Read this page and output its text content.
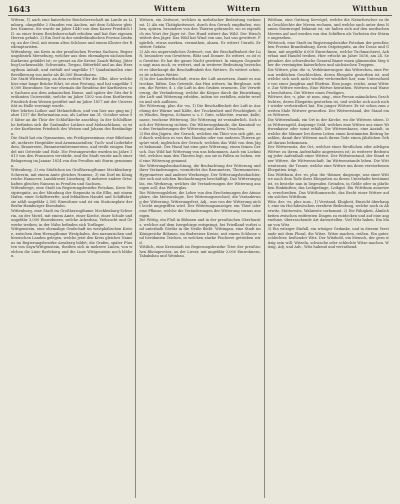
1643	Wittem	Wittern	Witthun

Wittem, 1) auch eine kaiserliche Reichsherrschaft im Lande zu Limburg, ohngefähr 2 Stunden von Aachen, mit dem Schlosse gleiches Namens. Sie wurde im Jahre 1440 von dem Kaiser Friedrich III. zu einer freien Reichsherrschaft erhoben und hat ihre eigenen Herren gehabt. 2) Ein Dorf in der niederländischen Provinz Limburg, an der Geul, mit einem alten Schlosse und einem Kloster der Redemptoristen.

Wittenberg, ein Kreis in der preußischen Provinz Sachsen, Regierungsbezirk Merseburg, welcher aus dem ehemaligen sächsischen Kurkreise gebildet ist; er grenzt an die Kreise Zauch-Belzig, Jüterbog-Luckenwalde, Schweinitz, Torgau, Bitterfeld und an das Herzogthum Anhalt, und enthält auf ungefähr 17 Quadratmeilen eine Bevölkerung von mehr als 40,000 Einwohnern.

Die Stadt Wittenberg, an dem rechten Ufer der Elbe, über welche hier eine lange Brücke führt, ist eine Festung, und hat ungefähr 10,000 Einwohner. Sie war ehemals die Residenz der Kurfürsten von Sachsen aus dem askanischen Hause, und später der Sitz der berühmten Universität, welche im Jahre 1502 von dem Kurfürsten Friedrich dem Weisen gestiftet und im Jahre 1817 mit der Universität zu Halle vereinigt wurde.

Hier lehrten Luther und Melanchthon, und von hier aus ging im Jahre 1517 die Reformation aus, als Luther am 31. October seine 95 Sätze an die Thür der Schloßkirche anschlug. In der Schloßkirche befinden sich die Grabmäler Luthers und Melanchthons, so wie der Kurfürsten Friedrich des Weisen und Johann des Beständigen.

Die Stadt hat ein Gymnasium, ein Predigerseminar, eine Bibelanstalt, mehrere Hospitäler und Armenanstalten; Tuch- und Lederfabriken, Brauereien, Branntweinbrennereien, und treibt einigen Handel mit Getreide und Holz. Die Festungswerke wurden im Jahre 1813 von den Franzosen verstärkt, und die Stadt wurde nach einer Belagerung im Januar 1814 von den Preußen mit Sturm genommen.

Wittenberg, 2) ein Städtchen im Großherzogthume Mecklenburg-Schwerin, mit einem Amte gleiches Namens; 3) ein Dorf im Königreiche Hannover, Landdrostei Lüneburg; 4) mehrere andere Ortschaften gleiches Namens in Preußen und Sachsen.

Wittenberge, eine Stadt im Regierungsbezirke Potsdam, Kreis Westpriegnitz, an der Mündung der Stepenitz in die Elbe, mit einem Hafen, einer Schiffswerfte, und lebhaftem Handel und Schiffahrt; sie zählt ungefähr 2,500 Einwohner und ist ein Stationsplatz der Berlin-Hamburger Eisenbahn.

Wittenburg, eine Stadt im Großherzogthume Mecklenburg-Schwerin, an der Motel, mit einem Amte, einer Kirche, einer Schule und ungefähr 3,000 Einwohnern, welche Ackerbau, Viehzucht und Gewerbe treiben; in der Nähe befinden sich Torflager.

Wittgenstein, eine ehemalige Grafschaft im westphälischen Kreise, zwischen dem Herzogthume Westphalen, den nassauischen und hessischen Landen gelegen, welche jetzt den Kreis gleiches Namens im Regierungsbezirke Arnsberg bildet; die Grafen, später Fürsten von Sayn-Wittgenstein, theilten sich in mehrere Linien, von welchen die Linie Berleburg und die Linie Wittgenstein noch blühen.

Wittern, ein Zeitwort, welches in mehrfacher Bedeutung vorkommt. 1) Als ein Thätigkeitswort, durch den Geruch empfinden, riechen, spüren, besonders von den Thieren gebraucht, wo es eigentlich ein Wort der Jäger ist. Der Hund wittert das Wild. Der Hirsch wittert den Jäger. Das Wild hat Wind von uns, hat uns gewittert. Figürlich, etwas merken, vermuthen, ahnen. Er wittert Unrath. Er wittert Gefahr.

2) Als ein unpersönliches Zeitwort, von der Beschaffenheit der Luft, besonders von Gewittern, Blitz und Donner. Es wittert, es ist ein Gewitter. Es hat die ganze Nacht gewittert. In einigen Gegenden sagt man auch, es wettert, und in weiterer Bedeutung bezeichnet es überhaupt die Beschaffenheit des Wetters. Es wittert schön, es ist schönes Wetter.

3) In der Landwirthschaft, etwas der Luft aussetzen, damit es austrockne, lüften. Das Getreide, das Heu wittern. Im Bergbaue, wittern, die Wetter, d. i. die Luft in den Gruben erneuern. Die Verwitterung, die Veränderung, welche die Körper durch die Einwirkung der Luft und Witterung erleiden, indem sie zerfallen, mürbe werden und sich auflösen.

Die Witterung, plur. die -en, 1) Die Beschaffenheit der Luft in Ansehung der Wärme und Kälte, der Trockenheit und Feuchtigkeit, des Windes, Regens, Schnees u. s. f. Gute, schlechte, warme, kalte, nasse, trockene Witterung. Die Witterung ist veränderlich. Sich nach der Witterung richten. Die Witterungskunde, die Kenntniß von den Veränderungen der Witterung und deren Ursachen.

2) Bei den Jägern, der Geruch, welchen ein Thier von sich gibt, und durch welchen es von den Hunden oder von anderen Thieren gespürt wird; ingleichen der Geruch, welchen das Wild von dem Jäger bekommt. Der Hund hat eine gute Witterung, einen feinen Geruch. Das Wild hat Witterung von uns bekommen. Auch ein Lockmittel, welches man den Thieren legt, um sie in Fallen zu locken, wird eine Witterung genannt.

Die Witterungsbeobachtung, die Beobachtung der Witterung und ihrer Veränderungen, vermittelst des Barometers, Thermometers, Hygrometers und anderer Werkzeuge. Der Witterungsbeobachter, der sich mit solchen Beobachtungen beschäftigt. Das Witterungsglas, ein Werkzeug, welches die Veränderungen der Witterung anzeigen soll; das Wetterglas.

Die Witterungslehre, die Lehre von den Erscheinungen der Atmosphäre, die Meteorologie. Der Witterungswechsel, die Veränderung der Witterung. Witterungsfest, Adj., was von der Witterung nicht leicht angegriffen wird. Der Witterungsanzeiger, ein Thier oder eine Pflanze, welche die Veränderungen der Witterung voraus anzeigen.

Die Wittig, ein Fluß in Böhmen und in der preußischen Oberlausitz, welcher auf dem Isergebirge entspringt, bei Friedland vorbei und unterhalb Görlitz in die Neiße fließt. Wittingau, eine Stadt im Königreiche Böhmen, im Budweiser Kreise, mit einem Schlosse und berühmten Teichen, in welchen starke Fischerei getrieben wird.

Wittlich, eine Kreisstadt im Regierungsbezirke Trier der preußischen Rheinprovinz, an der Lieser, mit ungefähr 3,000 Einwohnern, Tabaksbau und Weinbau.

Witthun, eine Gattung Seevögel, welche die Naturforscher zu dem Geschlechte der Meven rechnen, und welche auch unter dem Namen Sturmvogel bekannt ist; sie halten sich auf den nordischen Meeren auf und werden von den Schiffern als Vorboten der Stürme angesehen.

Wittstock, eine Stadt im Regierungsbezirke Potsdam der preußischen Provinz Brandenburg, Kreis Ostpriegnitz, an der Dosse und Glinze, mit ungefähr 6,000 Einwohnern, welche Tuchmacherei, Ackerbau und Handel treiben. Hier erfocht im Jahre 1636, am 24. September, der schwedische General Baner einen glänzenden Sieg über die vereinigten kaiserlichen und sächsischen Truppen.

Die Wittwe, plur. die -n, Verkleinerungsw. das Wittwchen, eine Person weiblichen Geschlechtes, deren Ehegatte gestorben ist, und welche sich noch nicht wieder verheirathet hat; zum Unterschiede von einer Jungfrau und Ehefrau. Eine junge, reiche, arme Wittwe. Zur Wittwe werden. Eine Wittwe heirathen. Wittwen und Waisen beschützen. Die Wittwe eines Predigers.

Wittwer, der, -s, plur. ut nom. sing., eine Person männlichen Geschlechtes, deren Ehegattin gestorben ist, und welche sich noch nicht wieder verheirathet hat. Ein junger Wittwer. Er ist schon zum zweiten Male Wittwer geworden. Der Wittwerstand, der Stand eines Wittwers.

Die Wittwenbank, ein Ort in der Kirche, wo die Wittwen sitzen. Das Wittwengeld, dasjenige Geld, welches eine Wittwe aus einer Wittwenkasse oder sonst erhält. Die Wittwenkasse, eine Anstalt, in welche die Männer bei ihrem Leben einen bestimmten Beitrag bezahlen, damit ihre Wittwen nach ihrem Tode einen jährlichen Gehalt daraus bekommen.

Der Wittwensitz, der Ort, welcher einer fürstlichen oder adeligen Wittwe zu ihrem Aufenthalte angewiesen ist; in weiterer Bedeutung jeder Aufenthalt einer Wittwe. Der Wittwenstand, der Stand einer Wittwe, die Wittwenschaft. Im Wittwenstande leben. Die Wittwentrauer, die Trauer, welche eine Wittwe um ihren verstorbenen Ehegatten trägt.

Das Wittthum, des -es, plur. die -thümer, dasjenige, was einer Wittwe nach dem Tode ihres Ehegatten zu ihrem Unterhalte bestimmt ist, es bestehe nun in liegenden Gründen, in Gelde oder in jährlichen Einkünften; das Leibgedinge, Leibgut. Ein Wittthum aussetzen, verschreiben. Das Wittthumsrecht, das Recht einer Wittwe auf ein solches Wittthum.

Witz, der, -es, plur. inus., 1) Verstand, Klugheit, Einsicht überhaupt; eine im Hochdeutschen veraltete Bedeutung, welche noch in Aberwitz, Mutterwitz, Wahnwitz vorkommt. 2) Die Fähigkeit, Ähnlichkeiten zwischen entfernten Dingen zu entdecken und auf eine angenehme, überraschende Art darzustellen. Viel Witz haben. Ein Mann von Witz.

3) Ein witziger Einfall, ein witziger Gedanke, und in diesem Verstande mit dem Plural, die Witze. Witze machen, reißen. Ein guter, schlechter, beißender Witz. Der Witzbold, ein Mensch, der gern witzig sein will. Witzeln, schwache oder schlechte Witze machen. Witzig, Adj. und Adv., Witz habend und verrathend.
